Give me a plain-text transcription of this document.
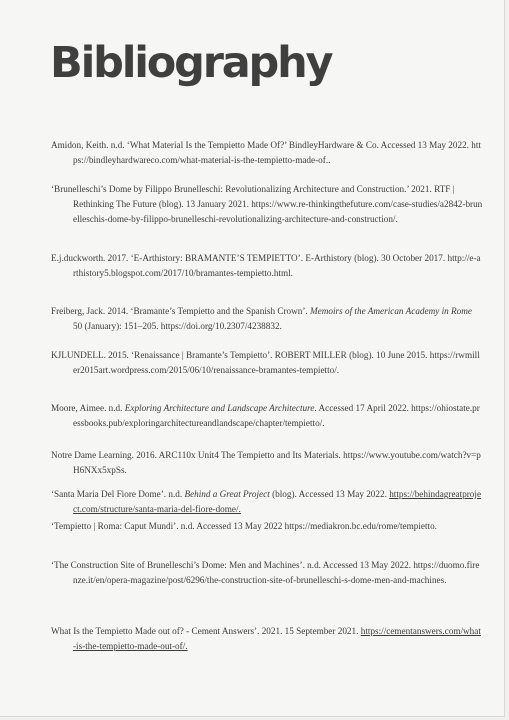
Bibliography

Amidon, Keith. n.d. ‘What Material Is the Tempietto Made Of?’ BindleyHardware & Co. Accessed 13 May 2022. https://bindleyhardwareco.com/what-material-is-the-tempietto-made-of..

‘Brunelleschi’s Dome by Filippo Brunelleschi: Revolutionalizing Architecture and Construction.’ 2021. RTF | Rethinking The Future (blog). 13 January 2021. https://www.re-thinkingthefuture.com/case-studies/a2842-brunelleschis-dome-by-filippo-brunelleschi-revolutionalizing-architecture-and-construction/.

E.j.duckworth. 2017. ‘E-Arthistory: BRAMANTE’S TEMPIETTO’. E-Arthistory (blog). 30 October 2017. http://e-arthistory5.blogspot.com/2017/10/bramantes-tempietto.html.

Freiberg, Jack. 2014. ‘Bramante’s Tempietto and the Spanish Crown’. Memoirs of the American Academy in Rome 50 (January): 151–205. https://doi.org/10.2307/4238832.

KJLUNDELL. 2015. ‘Renaissance | Bramante’s Tempietto’. ROBERT MILLER (blog). 10 June 2015. https://rwmiller2015art.wordpress.com/2015/06/10/renaissance-bramantes-tempietto/.

Moore, Aimee. n.d. Exploring Architecture and Landscape Architecture. Accessed 17 April 2022. https://ohiostate.pressbooks.pub/exploringarchitectureandlandscape/chapter/tempietto/.

Notre Dame Learning. 2016. ARC110x Unit4 The Tempietto and Its Materials. https://www.youtube.com/watch?v=pH6NXx5xpSs.

‘Santa Maria Del Fiore Dome’. n.d. Behind a Great Project (blog). Accessed 13 May 2022. https://behindagreatproject.com/structure/santa-maria-del-fiore-dome/.

‘Tempietto | Roma: Caput Mundi’. n.d. Accessed 13 May 2022 https://mediakron.bc.edu/rome/tempietto.

‘The Construction Site of Brunelleschi’s Dome: Men and Machines’. n.d. Accessed 13 May 2022. https://duomo.firenze.it/en/opera-magazine/post/6296/the-construction-site-of-brunelleschi-s-dome-men-and-machines.

What Is the Tempietto Made out of? - Cement Answers’. 2021. 15 September 2021. https://cementanswers.com/what-is-the-tempietto-made-out-of/.
